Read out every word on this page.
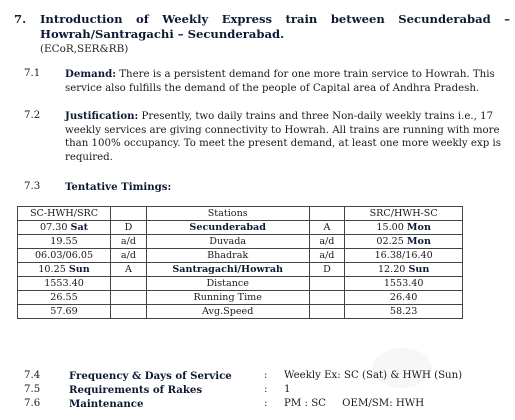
7. Introduction of Weekly Express train between Secunderabad –
Howrah/Santragachi – Secunderabad.
(ECoR,SER&RB)
7.1 Demand: There is a persistent demand for one more train service to Howrah. This service also fulfills the demand of the people of Capital area of Andhra Pradesh.
7.2 Justification: Presently, two daily trains and three Non-daily weekly trains i.e., 17 weekly services are giving connectivity to Howrah. All trains are running with more than 100% occupancy. To meet the present demand, at least one more weekly exp is required.
7.3 Tentative Timings:
SC-HWH/SRC		Stations		SRC/HWH-SC
07.30 Sat	D	Secunderabad	A	15.00 Mon
19.55	a/d	Duvada	a/d	02.25 Mon
06.03/06.05	a/d	Bhadrak	a/d	16.38/16.40
10.25 Sun	A	Santragachi/Howrah	D	12.20 Sun
1553.40		Distance		1553.40
26.55		Running Time		26.40
57.69		Avg.Speed		58.23
7.4	Frequency & Days of Service	: Weekly Ex: SC (Sat) & HWH (Sun)
7.5	Requirements of Rakes	: 1
7.6	Maintenance	: PM : SC     OEM/SM: HWH
